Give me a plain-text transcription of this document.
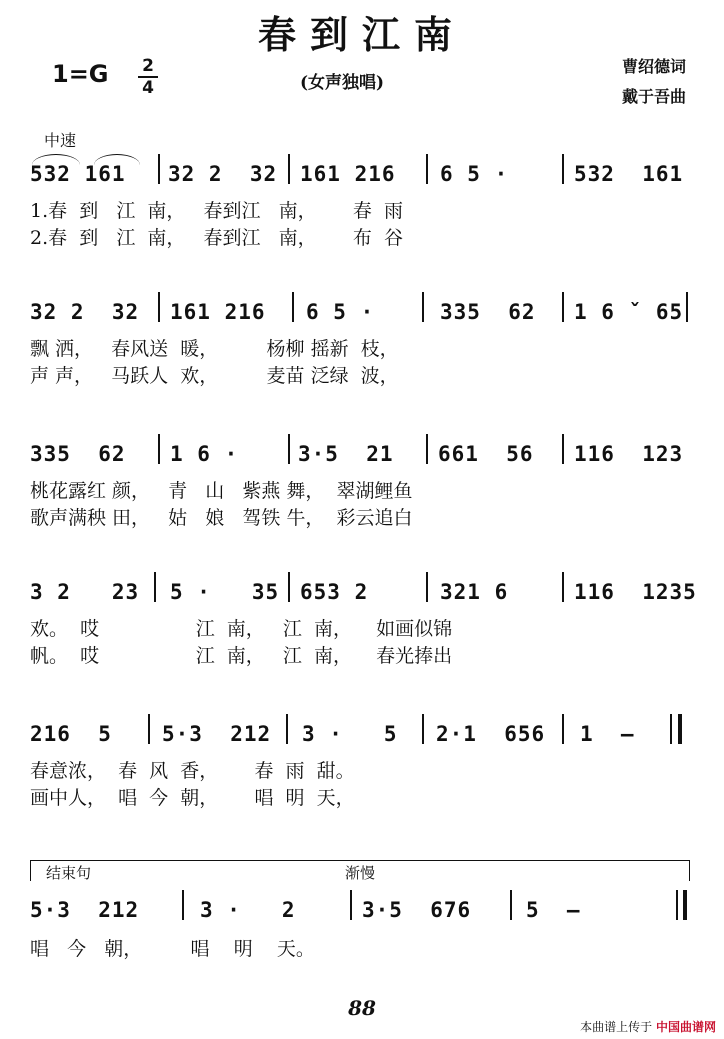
春到江南
1=G 2
4	(女声独唱)
曹绍德词
戴于吾曲
中速
532 161 32 2  32 161 216 6 5 ·	532  161
1.春  到   江  南，   春到江   南，      春  雨
2.春  到   江  南，   春到江   南，      布  谷
32 2  32 161 216 6 5 ·	335  62 1 6 ˇ 65
飘 洒，   春风送  暖，        杨柳 摇新  枝，
声 声，   马跃人  欢，        麦苗 泛绿  波，
335  62 1 6 ·	3·5  21 661  56 116  123
桃花露红 颜，   青   山   紫燕 舞，  翠湖鲤鱼
歌声满秧 田，   姑   娘   驾铁 牛，  彩云追白
3 2   23 5 ·   35 653 2	321 6	116  1235
欢。  哎                江  南，   江  南，    如画似锦
帆。  哎                江  南，   江  南，    春光捧出
216  5 5·3  212 3 ·   5 2·1  656 1  –
春意浓，  春  风  香，      春  雨  甜。
画中人，  唱  今  朝，      唱  明  天，
结束句	渐慢
5·3  212	3 ·   2	3·5  676	5  –
唱   今   朝，        唱    明    天。
88
本曲谱上传于 中国曲谱网
